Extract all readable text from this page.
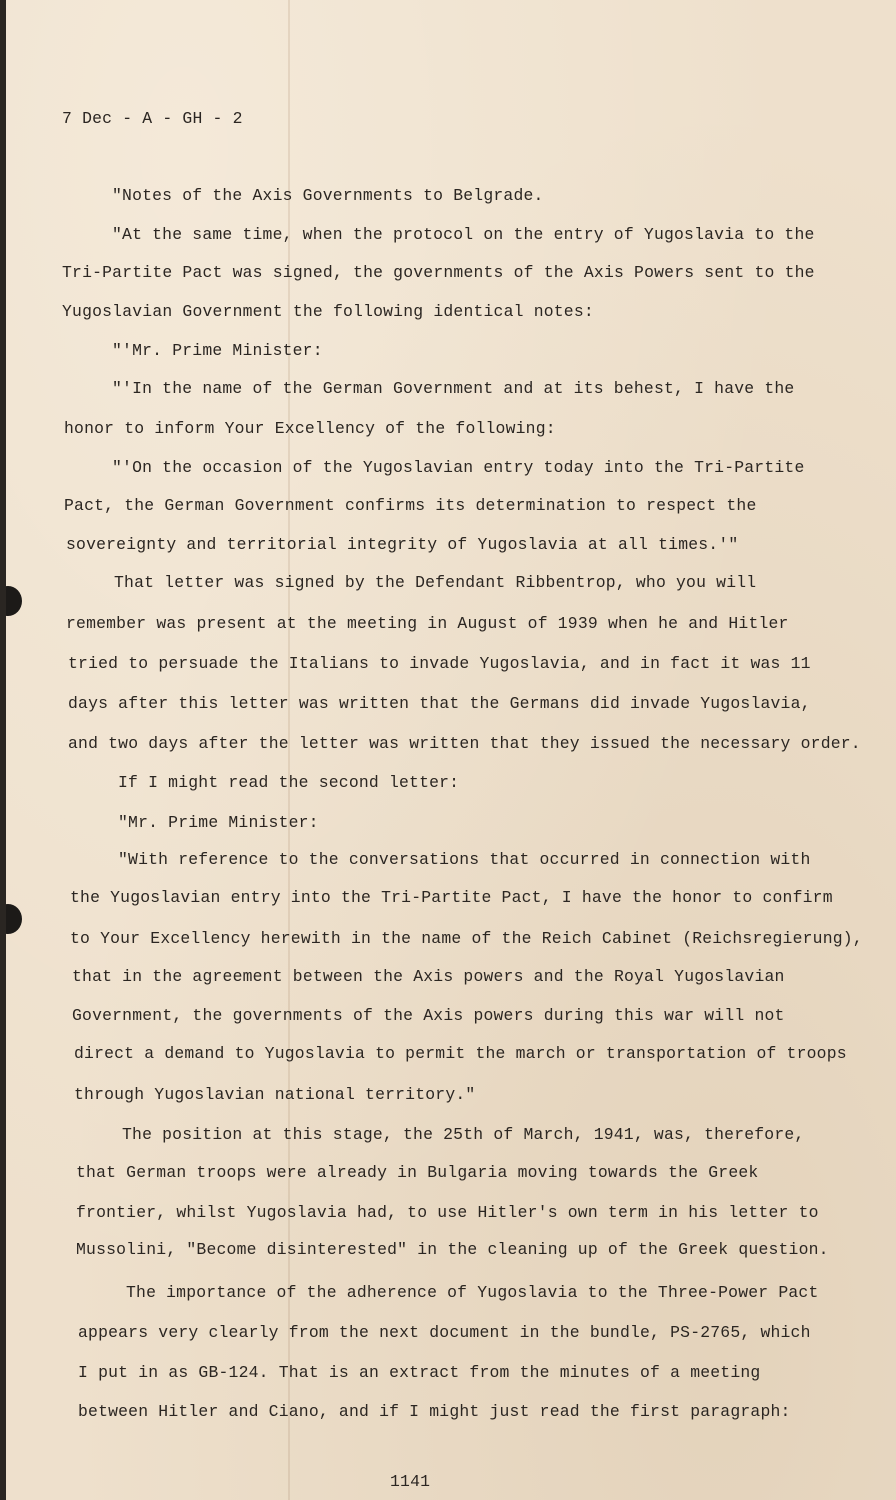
7 Dec - A - GH - 2

"Notes of the Axis Governments to Belgrade.

"At the same time, when the protocol on the entry of Yugoslavia to the

Tri-Partite Pact was signed, the governments of the Axis Powers sent to the

Yugoslavian Government the following identical notes:

"'Mr. Prime Minister:

"'In the name of the German Government and at its behest, I have the

honor to inform Your Excellency of the following:

"'On the occasion of the Yugoslavian entry today into the Tri-Partite

Pact, the German Government confirms its determination to respect the

sovereignty and territorial integrity of Yugoslavia at all times.'"

That letter was signed by the Defendant Ribbentrop, who you will

remember was present at the meeting in August of 1939 when he and Hitler

tried to persuade the Italians to invade Yugoslavia, and in fact it was 11

days after this letter was written that the Germans did invade Yugoslavia,

and two days after the letter was written that they issued the necessary order.

If I might read the second letter:

"Mr. Prime Minister:

"With reference to the conversations that occurred in connection with

the Yugoslavian entry into the Tri-Partite Pact, I have the honor to confirm

to Your Excellency herewith in the name of the Reich Cabinet (Reichsregierung),

that in the agreement between the Axis powers and the Royal Yugoslavian

Government, the governments of the Axis powers during this war will not

direct a demand to Yugoslavia to permit the march or transportation of troops

through Yugoslavian national territory."

The position at this stage, the 25th of March, 1941, was, therefore,

that German troops were already in Bulgaria moving towards the Greek

frontier, whilst Yugoslavia had, to use Hitler's own term in his letter to

Mussolini, "Become disinterested" in the cleaning up of the Greek question.

The importance of the adherence of Yugoslavia to the Three-Power Pact

appears very clearly from the next document in the bundle, PS-2765, which

I put in as GB-124. That is an extract from the minutes of a meeting

between Hitler and Ciano, and if I might just read the first paragraph:

1141
